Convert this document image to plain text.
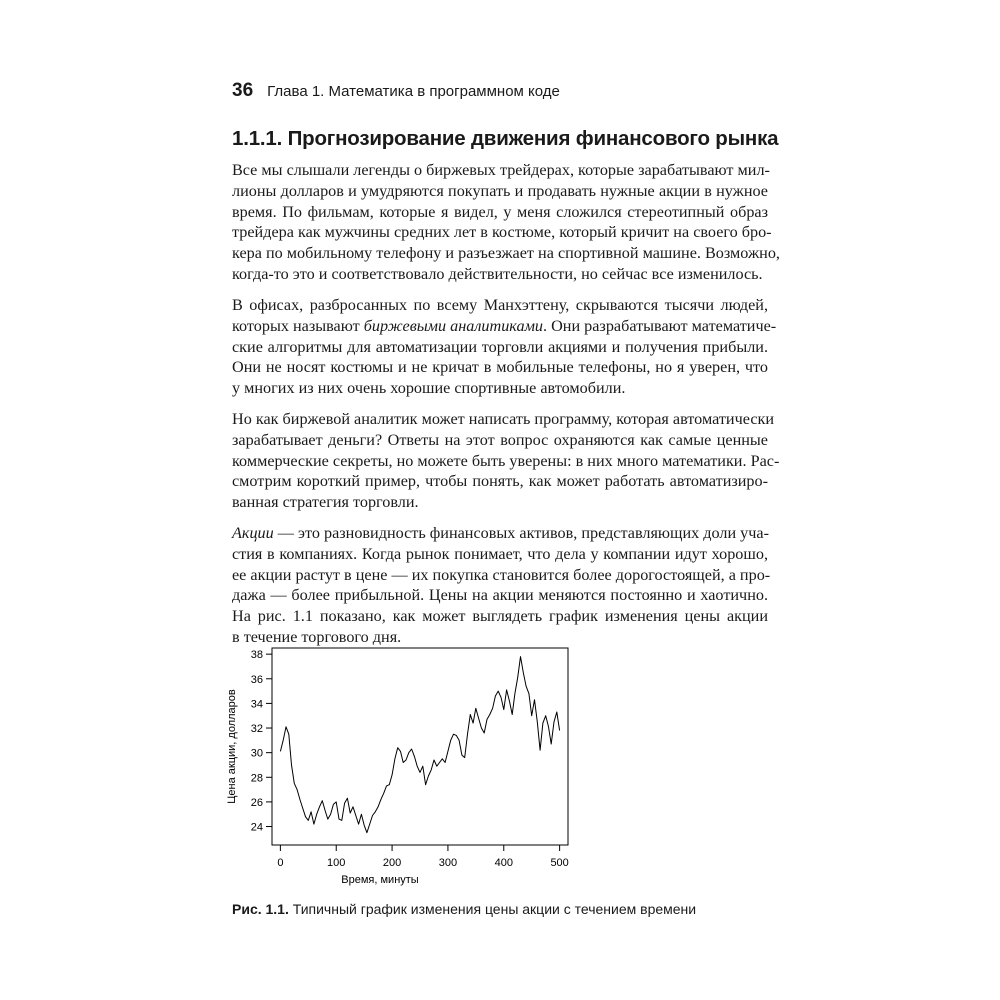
36 Глава 1. Математика в программном коде
1.1.1. Прогнозирование движения финансового рынка

Все мы слышали легенды о биржевых трейдерах, которые зарабатывают мил-
лионы долларов и умудряются покупать и продавать нужные акции в нужное
время. По фильмам, которые я видел, у меня сложился стереотипный образ
трейдера как мужчины средних лет в костюме, который кричит на своего бро-
кера по мобильному телефону и разъезжает на спортивной машине. Возможно,
когда-то это и соответствовало действительности, но сейчас все изменилось.

В офисах, разбросанных по всему Манхэттену, скрываются тысячи людей,
которых называют биржевыми аналитиками. Они разрабатывают математиче-
ские алгоритмы для автоматизации торговли акциями и получения прибыли.
Они не носят костюмы и не кричат в мобильные телефоны, но я уверен, что
у многих из них очень хорошие спортивные автомобили.

Но как биржевой аналитик может написать программу, которая автоматически
зарабатывает деньги? Ответы на этот вопрос охраняются как самые ценные
коммерческие секреты, но можете быть уверены: в них много математики. Рас-
смотрим короткий пример, чтобы понять, как может работать автоматизиро-
ванная стратегия торговли.

Акции — это разновидность финансовых активов, представляющих доли уча-
стия в компаниях. Когда рынок понимает, что дела у компании идут хорошо,
ее акции растут в цене — их покупка становится более дорогостоящей, а про-
дажа — более прибыльной. Цены на акции меняются постоянно и хаотично.
На рис. 1.1 показано, как может выглядеть график изменения цены акции
в течение торгового дня.

0	100	200	300	400	500
24
26
28
30
32
34
36
38
Время, минуты
Цена акции, долларов
Рис. 1.1. Типичный график изменения цены акции с течением времени
